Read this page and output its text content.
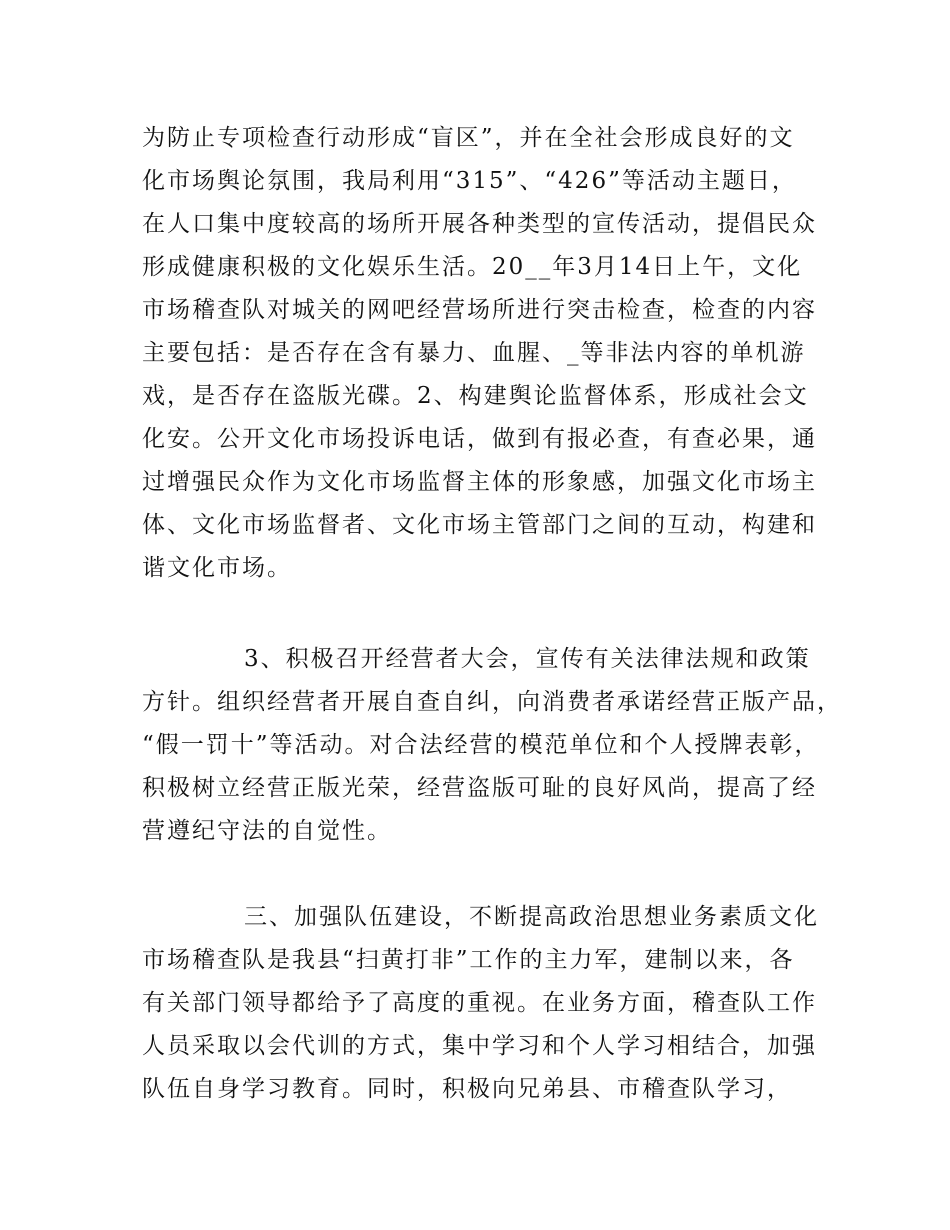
为防止专项检查行动形成“盲区”，并在全社会形成良好的文
化市场舆论氛围，我局利用“315”、“426”等活动主题日，
在人口集中度较高的场所开展各种类型的宣传活动，提倡民众
形成健康积极的文化娱乐生活。20__年3月14日上午，文化
市场稽查队对城关的网吧经营场所进行突击检查，检查的内容
主要包括：是否存在含有暴力、血腥、_等非法内容的单机游
戏，是否存在盗版光碟。2、构建舆论监督体系，形成社会文
化安。公开文化市场投诉电话，做到有报必查，有查必果，通
过增强民众作为文化市场监督主体的形象感，加强文化市场主
体、文化市场监督者、文化市场主管部门之间的互动，构建和
谐文化市场。
3、积极召开经营者大会，宣传有关法律法规和政策
方针。组织经营者开展自查自纠，向消费者承诺经营正版产品，
“假一罚十”等活动。对合法经营的模范单位和个人授牌表彰，
积极树立经营正版光荣，经营盗版可耻的良好风尚，提高了经
营遵纪守法的自觉性。
三、加强队伍建设，不断提高政治思想业务素质文化
市场稽查队是我县“扫黄打非”工作的主力军，建制以来，各
有关部门领导都给予了高度的重视。在业务方面，稽查队工作
人员采取以会代训的方式，集中学习和个人学习相结合，加强
队伍自身学习教育。同时，积极向兄弟县、市稽查队学习，
